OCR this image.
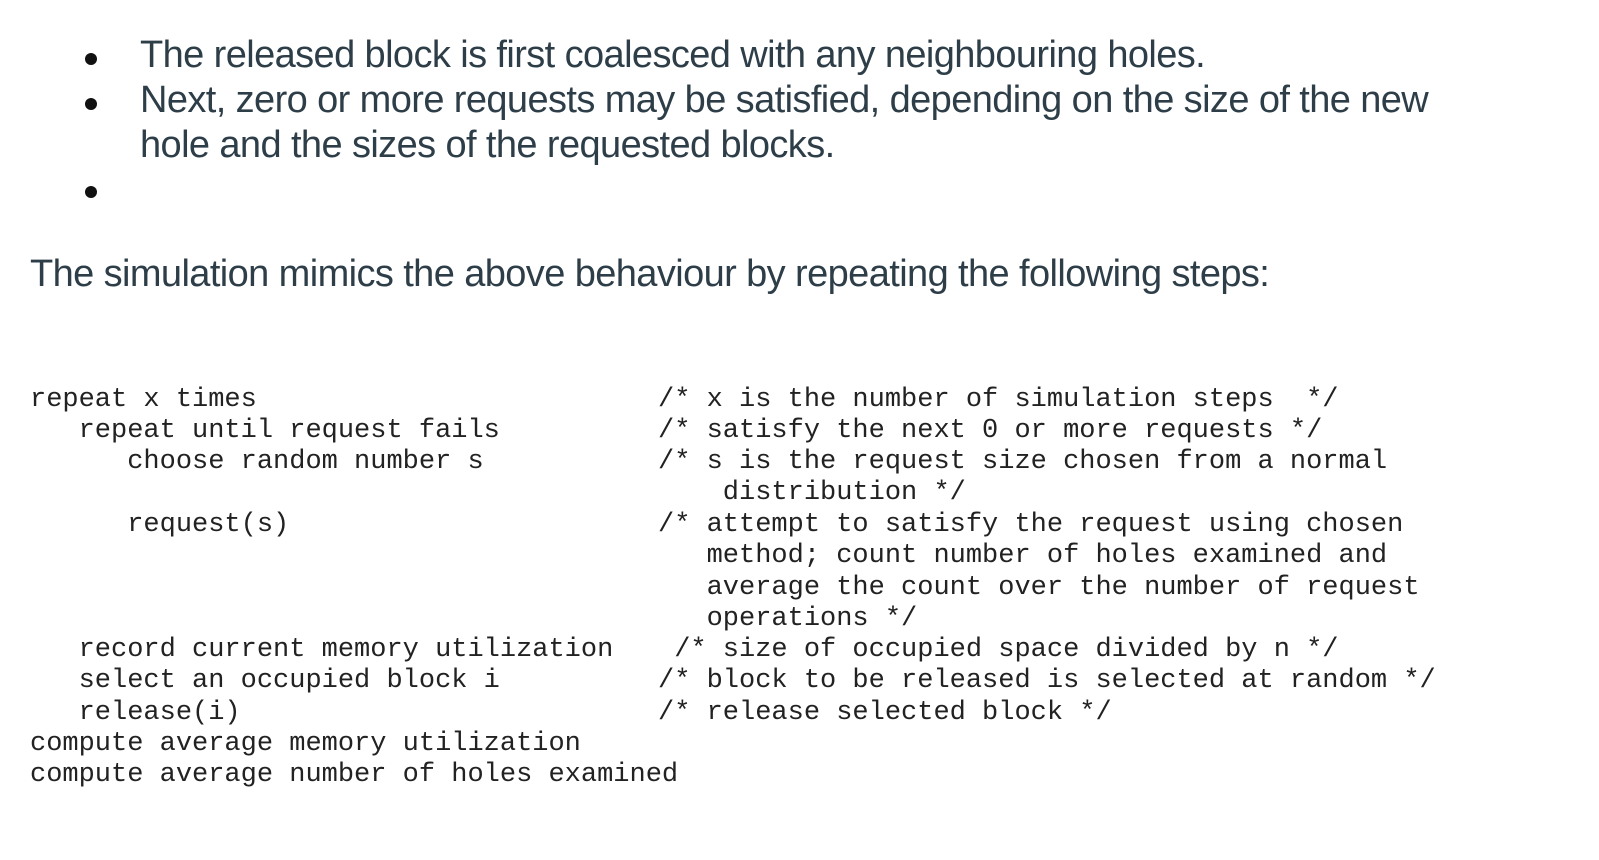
The released block is first coalesced with any neighbouring holes.
Next, zero or more requests may be satisfied, depending on the size of the new
hole and the sizes of the requested blocks.
The simulation mimics the above behaviour by repeating the following steps:
repeat x times	/* x is the number of simulation steps  */
repeat until request fails	/* satisfy the next 0 or more requests */
choose random number s	/* s is the request size chosen from a normal
distribution */
request(s)	/* attempt to satisfy the request using chosen
method; count number of holes examined and
average the count over the number of request
operations */
record current memory utilization /* size of occupied space divided by n */
select an occupied block i	/* block to be released is selected at random */
release(i)	/* release selected block */
compute average memory utilization
compute average number of holes examined
